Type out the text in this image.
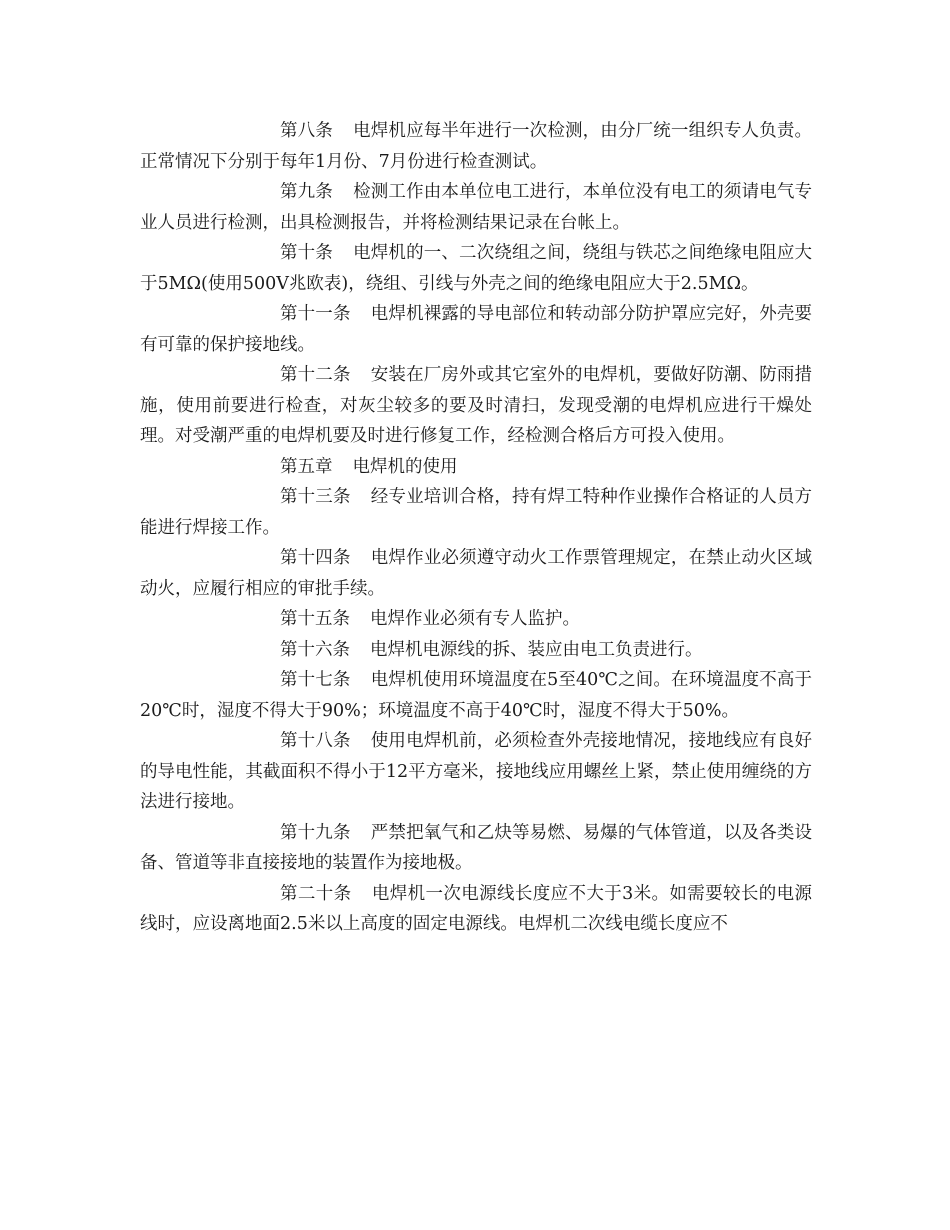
第八条 电焊机应每半年进行一次检测，由分厂统一组织专人负责。正常情况下分别于每年1月份、7月份进行检查测试。

第九条 检测工作由本单位电工进行，本单位没有电工的须请电气专业人员进行检测，出具检测报告，并将检测结果记录在台帐上。

第十条 电焊机的一、二次绕组之间，绕组与铁芯之间绝缘电阻应大于5MΩ(使用500V兆欧表)，绕组、引线与外壳之间的绝缘电阻应大于2.5MΩ。

第十一条 电焊机裸露的导电部位和转动部分防护罩应完好，外壳要有可靠的保护接地线。

第十二条 安装在厂房外或其它室外的电焊机，要做好防潮、防雨措施，使用前要进行检查，对灰尘较多的要及时清扫，发现受潮的电焊机应进行干燥处理。对受潮严重的电焊机要及时进行修复工作，经检测合格后方可投入使用。

第五章 电焊机的使用

第十三条 经专业培训合格，持有焊工特种作业操作合格证的人员方能进行焊接工作。

第十四条 电焊作业必须遵守动火工作票管理规定，在禁止动火区域动火，应履行相应的审批手续。

第十五条 电焊作业必须有专人监护。

第十六条 电焊机电源线的拆、装应由电工负责进行。

第十七条 电焊机使用环境温度在5至40℃之间。在环境温度不高于20℃时，湿度不得大于90%；环境温度不高于40℃时，湿度不得大于50%。

第十八条 使用电焊机前，必须检查外壳接地情况，接地线应有良好的导电性能，其截面积不得小于12平方毫米，接地线应用螺丝上紧，禁止使用缠绕的方法进行接地。

第十九条 严禁把氧气和乙炔等易燃、易爆的气体管道，以及各类设备、管道等非直接接地的装置作为接地极。

第二十条 电焊机一次电源线长度应不大于3米。如需要较长的电源线时，应设离地面2.5米以上高度的固定电源线。电焊机二次线电缆长度应不
